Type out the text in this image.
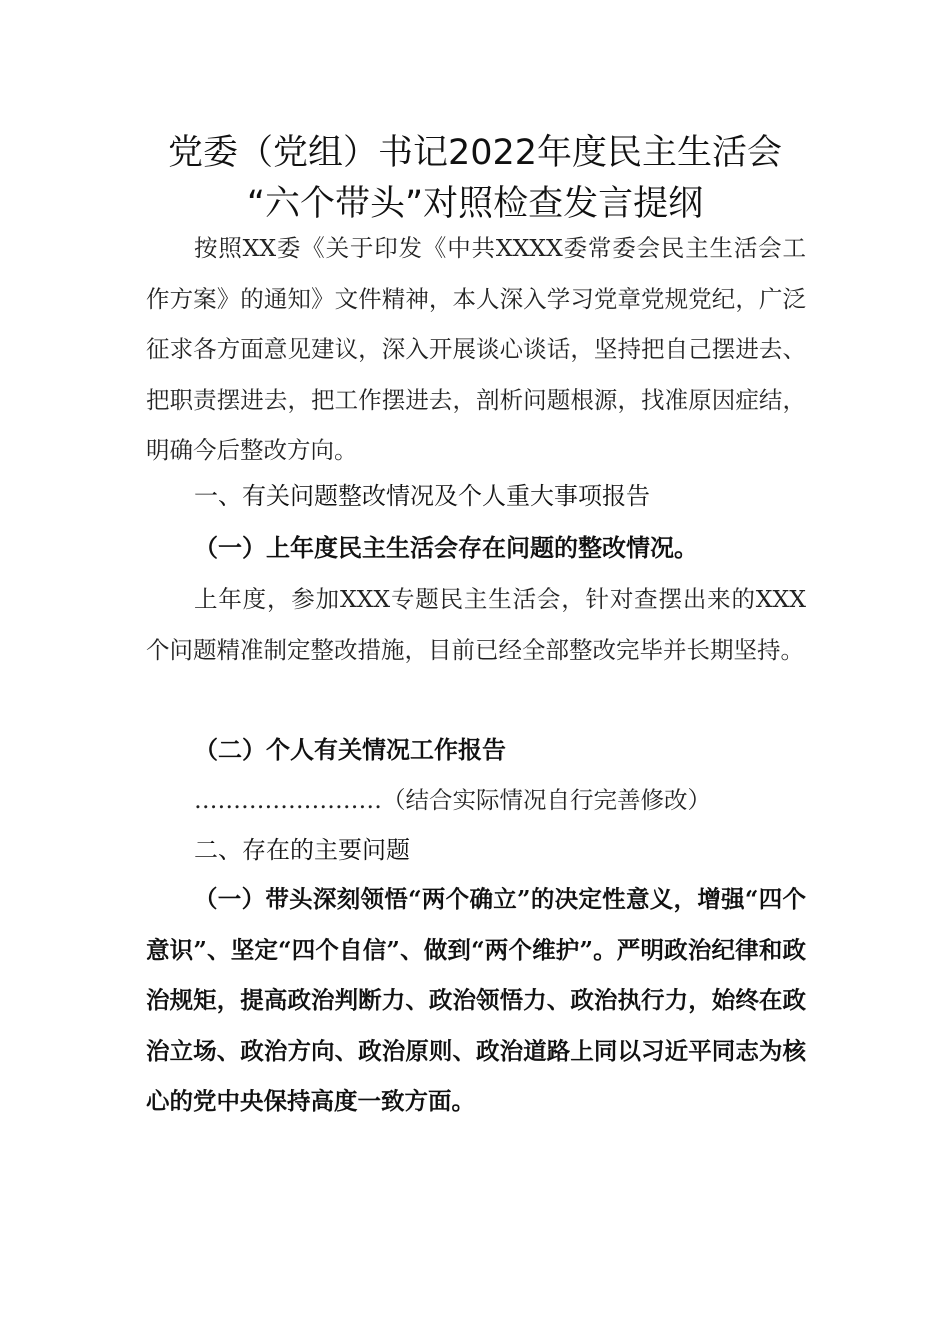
党委（党组）书记2022年度民主生活会
“六个带头”对照检查发言提纲

按照XX委《关于印发《中共XXXX委常委会民主生活会工作方案》的通知》文件精神，本人深入学习党章党规党纪，广泛征求各方面意见建议，深入开展谈心谈话，坚持把自己摆进去、把职责摆进去，把工作摆进去，剖析问题根源，找准原因症结，明确今后整改方向。

一、有关问题整改情况及个人重大事项报告

（一）上年度民主生活会存在问题的整改情况。

上年度，参加XXX专题民主生活会，针对查摆出来的XXX个问题精准制定整改措施，目前已经全部整改完毕并长期坚持。

（二）个人有关情况工作报告

……………………（结合实际情况自行完善修改）

二、存在的主要问题

（一）带头深刻领悟“两个确立”的决定性意义，增强“四个意识”、坚定“四个自信”、做到“两个维护”。严明政治纪律和政治规矩，提高政治判断力、政治领悟力、政治执行力，始终在政治立场、政治方向、政治原则、政治道路上同以习近平同志为核心的党中央保持高度一致方面。
